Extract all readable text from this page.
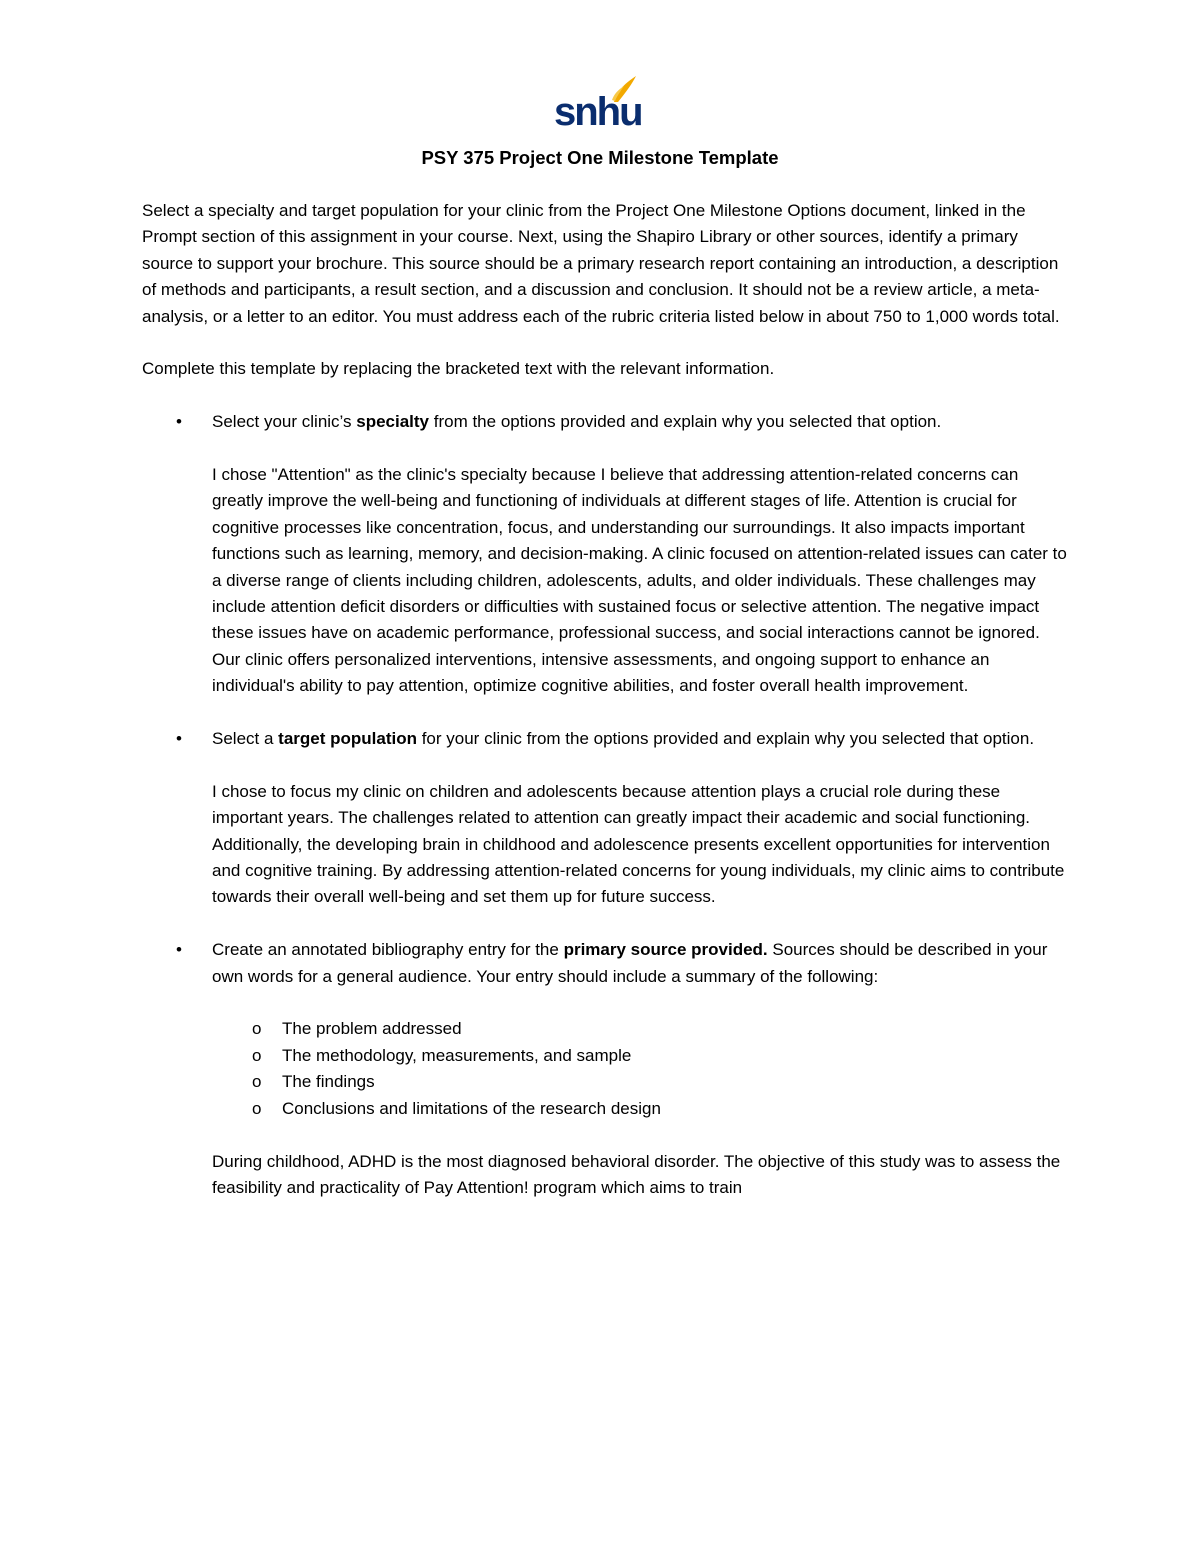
snhu
PSY 375 Project One Milestone Template

Select a specialty and target population for your clinic from the Project One Milestone Options document, linked in the Prompt section of this assignment in your course. Next, using the Shapiro Library or other sources, identify a primary source to support your brochure. This source should be a primary research report containing an introduction, a description of methods and participants, a result section, and a discussion and conclusion. It should not be a review article, a meta-analysis, or a letter to an editor. You must address each of the rubric criteria listed below in about 750 to 1,000 words total.

Complete this template by replacing the bracketed text with the relevant information.

• Select your clinic’s specialty from the options provided and explain why you selected that option.

I chose "Attention" as the clinic's specialty because I believe that addressing attention-related concerns can greatly improve the well-being and functioning of individuals at different stages of life. Attention is crucial for cognitive processes like concentration, focus, and understanding our surroundings. It also impacts important functions such as learning, memory, and decision-making. A clinic focused on attention-related issues can cater to a diverse range of clients including children, adolescents, adults, and older individuals. These challenges may include attention deficit disorders or difficulties with sustained focus or selective attention. The negative impact these issues have on academic performance, professional success, and social interactions cannot be ignored. Our clinic offers personalized interventions, intensive assessments, and ongoing support to enhance an individual's ability to pay attention, optimize cognitive abilities, and foster overall health improvement.

• Select a target population for your clinic from the options provided and explain why you selected that option.

I chose to focus my clinic on children and adolescents because attention plays a crucial role during these important years. The challenges related to attention can greatly impact their academic and social functioning. Additionally, the developing brain in childhood and adolescence presents excellent opportunities for intervention and cognitive training. By addressing attention-related concerns for young individuals, my clinic aims to contribute towards their overall well-being and set them up for future success.

• Create an annotated bibliography entry for the primary source provided. Sources should be described in your own words for a general audience. Your entry should include a summary of the following:

o The problem addressed
o The methodology, measurements, and sample
o The findings
o Conclusions and limitations of the research design

During childhood, ADHD is the most diagnosed behavioral disorder. The objective of this study was to assess the feasibility and practicality of Pay Attention! program which aims to train
